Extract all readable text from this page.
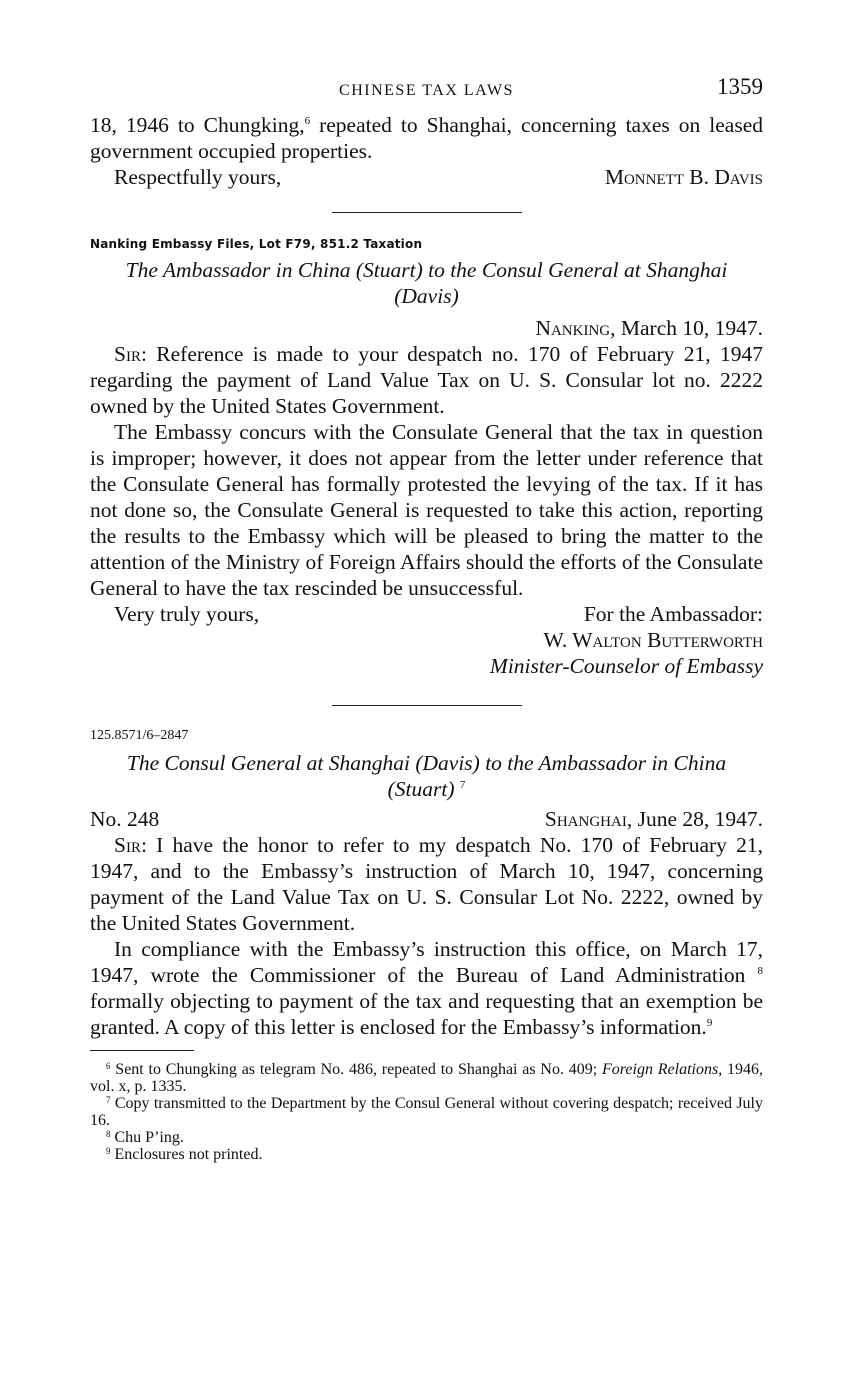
CHINESE TAX LAWS	1359

18, 1946 to Chungking,$^6$ repeated to Shanghai, concerning taxes on leased government occupied properties.

Respectfully yours,	Monnett B. Davis
Nanking Embassy Files, Lot F79, 851.2 Taxation
The Ambassador in China (Stuart) to the Consul General at Shanghai
(Davis)
Nanking, March 10, 1947.

Sir: Reference is made to your despatch no. 170 of February 21, 1947 regarding the payment of Land Value Tax on U. S. Consular lot no. 2222 owned by the United States Government.

The Embassy concurs with the Consulate General that the tax in question is improper; however, it does not appear from the letter under reference that the Consulate General has formally protested the levying of the tax. If it has not done so, the Consulate General is requested to take this action, reporting the results to the Embassy which will be pleased to bring the matter to the attention of the Ministry of Foreign Affairs should the efforts of the Consulate General to have the tax rescinded be unsuccessful.

Very truly yours,	For the Ambassador:
W. Walton Butterworth
Minister-Counselor of Embassy
125.8571/6–2847
The Consul General at Shanghai (Davis) to the Ambassador in China
(Stuart) $^7$
No. 248	Shanghai, June 28, 1947.

Sir: I have the honor to refer to my despatch No. 170 of February 21, 1947, and to the Embassy’s instruction of March 10, 1947, concerning payment of the Land Value Tax on U. S. Consular Lot No. 2222, owned by the United States Government.

In compliance with the Embassy’s instruction this office, on March 17, 1947, wrote the Commissioner of the Bureau of Land Administration $^8$ formally objecting to payment of the tax and requesting that an exemption be granted. A copy of this letter is enclosed for the Embassy’s information.$^9$

$^6$ Sent to Chungking as telegram No. 486, repeated to Shanghai as No. 409; Foreign Relations, 1946, vol. x, p. 1335.
$^7$ Copy transmitted to the Department by the Consul General without covering despatch; received July 16.
$^8$ Chu P’ing.
$^9$ Enclosures not printed.
